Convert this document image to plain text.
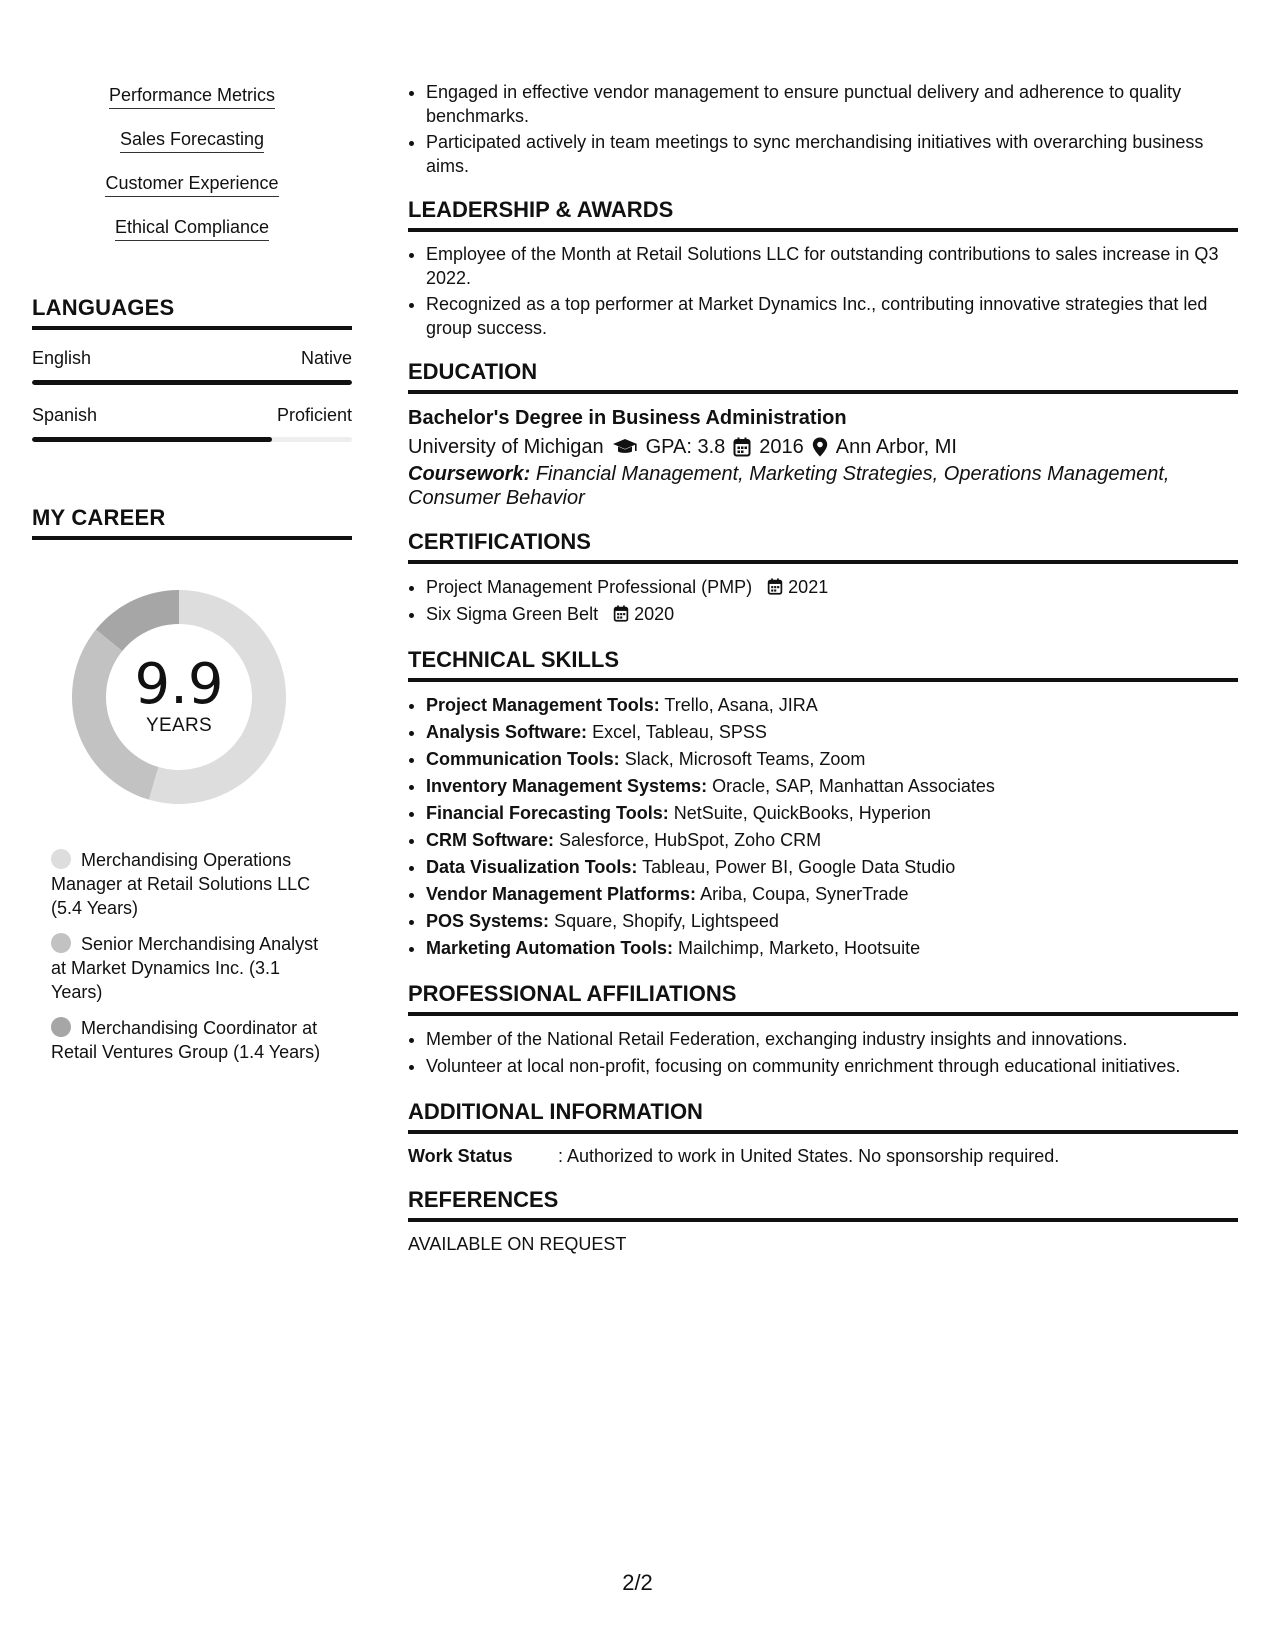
Performance Metrics
Sales Forecasting
Customer Experience
Ethical Compliance
LANGUAGES
English	Native
Spanish	Proficient
MY CAREER
9.9
YEARS
Merchandising Operations Manager at Retail Solutions LLC (5.4 Years)
Senior Merchandising Analyst at Market Dynamics Inc. (3.1 Years)
Merchandising Coordinator at Retail Ventures Group (1.4 Years)
• Engaged in effective vendor management to ensure punctual delivery and adherence to quality benchmarks.
• Participated actively in team meetings to sync merchandising initiatives with overarching business aims.
LEADERSHIP & AWARDS
• Employee of the Month at Retail Solutions LLC for outstanding contributions to sales increase in Q3 2022.
• Recognized as a top performer at Market Dynamics Inc., contributing innovative strategies that led group success.
EDUCATION
Bachelor's Degree in Business Administration
University of Michigan GPA: 3.8 2016 Ann Arbor, MI
Coursework: Financial Management, Marketing Strategies, Operations Management, Consumer Behavior
CERTIFICATIONS
• Project Management Professional (PMP) 2021
• Six Sigma Green Belt 2020
TECHNICAL SKILLS
• Project Management Tools: Trello, Asana, JIRA
• Analysis Software: Excel, Tableau, SPSS
• Communication Tools: Slack, Microsoft Teams, Zoom
• Inventory Management Systems: Oracle, SAP, Manhattan Associates
• Financial Forecasting Tools: NetSuite, QuickBooks, Hyperion
• CRM Software: Salesforce, HubSpot, Zoho CRM
• Data Visualization Tools: Tableau, Power BI, Google Data Studio
• Vendor Management Platforms: Ariba, Coupa, SynerTrade
• POS Systems: Square, Shopify, Lightspeed
• Marketing Automation Tools: Mailchimp, Marketo, Hootsuite
PROFESSIONAL AFFILIATIONS
• Member of the National Retail Federation, exchanging industry insights and innovations.
• Volunteer at local non-profit, focusing on community enrichment through educational initiatives.
ADDITIONAL INFORMATION
Work Status	: Authorized to work in United States. No sponsorship required.
REFERENCES
AVAILABLE ON REQUEST
2/2
